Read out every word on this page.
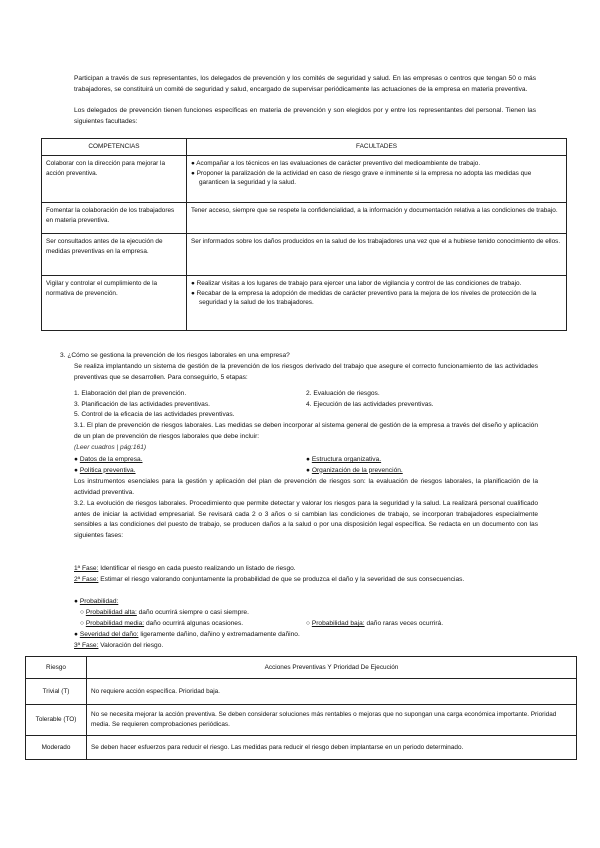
Participan a través de sus representantes, los delegados de prevención y los comités de seguridad y salud. En las empresas o centros que tengan 50 o más trabajadores, se constituirá un comité de seguridad y salud, encargado de supervisar periódicamente las actuaciones de la empresa en materia preventiva.
Los delegados de prevención tienen funciones específicas en materia de prevención y son elegidos por y entre los representantes del personal. Tienen las siguientes facultades:
COMPETENCIAS	FACULTADES
Colaborar con la dirección para mejorar la acción preventiva.	● Acompañar a los técnicos en las evaluaciones de carácter preventivo del medioambiente de trabajo.
● Proponer la paralización de la actividad en caso de riesgo grave e inminente si la empresa no adopta las medidas que garanticen la seguridad y la salud.

Fomentar la colaboración de los trabajadores en materia preventiva.	Tener acceso, siempre que se respete la confidencialidad, a la información y documentación relativa a las condiciones de trabajo.
Ser consultados antes de la ejecución de medidas preventivas en la empresa.	Ser informados sobre los daños producidos en la salud de los trabajadores una vez que el a hubiese tenido conocimiento de ellos.
Vigilar y controlar el cumplimiento de la normativa de prevención.	● Realizar visitas a los lugares de trabajo para ejercer una labor de vigilancia y control de las condiciones de trabajo.
● Recabar de la empresa la adopción de medidas de carácter preventivo para la mejora de los niveles de protección de la seguridad y la salud de los trabajadores.
3. ¿Cómo se gestiona la prevención de los riesgos laborales en una empresa?
Se realiza implantando un sistema de gestión de la prevención de los riesgos derivado del trabajo que asegure el correcto funcionamiento de las actividades preventivas que se desarrollen. Para conseguirlo, 5 etapas:
1. Elaboración del plan de prevención.	2. Evaluación de riesgos.
3. Planificación de las actividades preventivas.	4. Ejecución de las actividades preventivas.
5. Control de la eficacia de las actividades preventivas.
3.1. El plan de prevención de riesgos laborales. Las medidas se deben incorporar al sistema general de gestión de la empresa a través del diseño y aplicación de un plan de prevención de riesgos laborales que debe incluir:
(Leer cuadros | pág:161)
● Datos de la empresa.	● Estructura organizativa.
● Política preventiva.	● Organización de la prevención.
Los instrumentos esenciales para la gestión y aplicación del plan de prevención de riesgos son: la evaluación de riesgos laborales, la planificación de la actividad preventiva.
3.2. La evolución de riesgos laborales. Procedimiento que permite detectar y valorar los riesgos para la seguridad y la salud. La realizará personal cualificado antes de iniciar la actividad empresarial. Se revisará cada 2 o 3 años o si cambian las condiciones de trabajo, se incorporan trabajadores especialmente sensibles a las condiciones del puesto de trabajo, se producen daños a la salud o por una disposición legal específica. Se redacta en un documento con las siguientes fases:
1ª Fase: Identificar el riesgo en cada puesto realizando un listado de riesgo.
2ª Fase: Estimar el riesgo valorando conjuntamente la probabilidad de que se produzca el daño y la severidad de sus consecuencias.
● Probabilidad:
○ Probabilidad alta: daño ocurrirá siempre o casi siempre.
○ Probabilidad media: daño ocurrirá algunas ocasiones.	○ Probabilidad baja: daño raras veces ocurrirá.
● Severidad del daño: ligeramente dañino, dañino y extremadamente dañino.
3ª Fase: Valoración del riesgo.
Riesgo	Acciones Preventivas Y Prioridad De Ejecución
Trivial (T)	No requiere acción específica. Prioridad baja.
Tolerable (TO)	No se necesita mejorar la acción preventiva. Se deben considerar soluciones más rentables o mejoras que no supongan una carga económica importante. Prioridad media. Se requieren comprobaciones periódicas.
Moderado	Se deben hacer esfuerzos para reducir el riesgo. Las medidas para reducir el riesgo deben implantarse en un periodo determinado.
